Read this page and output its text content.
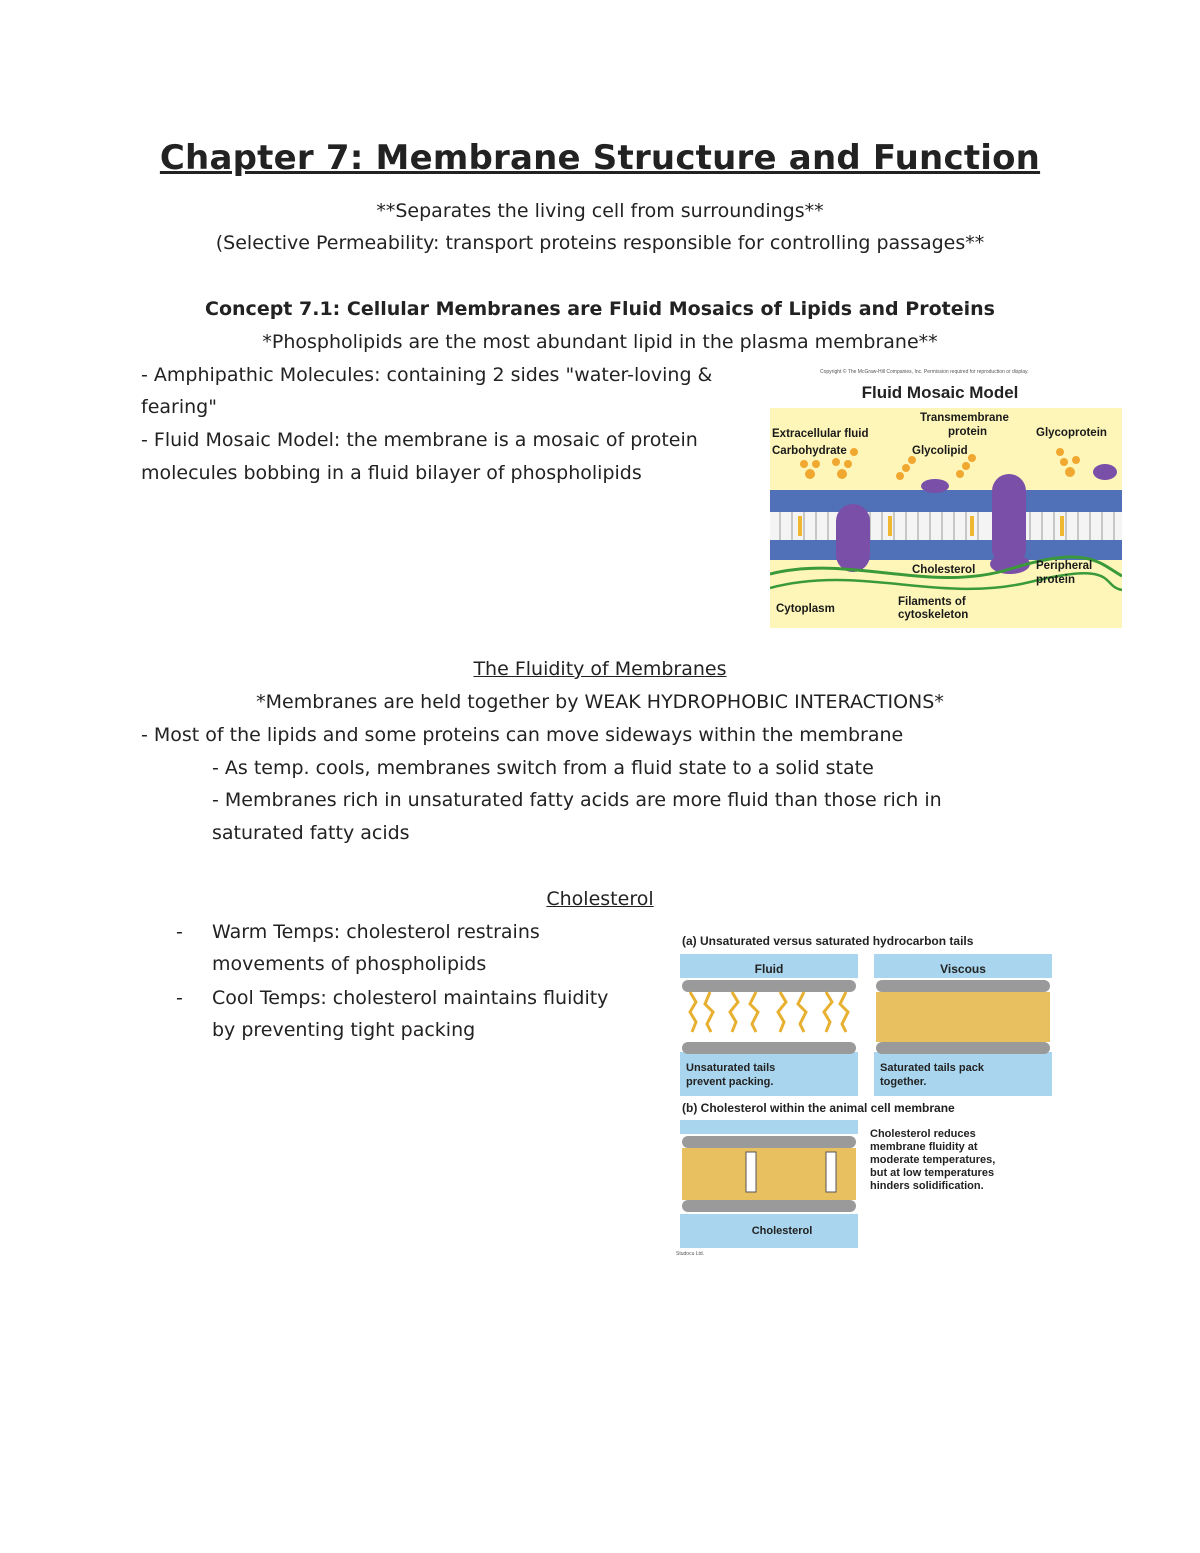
Chapter 7: Membrane Structure and Function
**Separates the living cell from surroundings**
(Selective Permeability: transport proteins responsible for controlling passages**
Concept 7.1: Cellular Membranes are Fluid Mosaics of Lipids and Proteins
*Phospholipids are the most abundant lipid in the plasma membrane**
- Amphipathic Molecules: containing 2 sides "water-loving &
fearing"
- Fluid Mosaic Model: the membrane is a mosaic of protein
molecules bobbing in a fluid bilayer of phospholipids
Copyright © The McGraw-Hill Companies, Inc. Permission required for reproduction or display.
Fluid Mosaic Model
Extracellular fluid
Carbohydrate
Transmembrane
protein
Glycolipid
Glycoprotein
Cholesterol	Peripheral
protein
Filaments of
cytoskeleton
Cytoplasm
The Fluidity of Membranes
*Membranes are held together by WEAK HYDROPHOBIC INTERACTIONS*
- Most of the lipids and some proteins can move sideways within the membrane
- As temp. cools, membranes switch from a fluid state to a solid state
- Membranes rich in unsaturated fatty acids are more fluid than those rich in
saturated fatty acids
Cholesterol
- Warm Temps: cholesterol restrains
movements of phospholipids
- Cool Temps: cholesterol maintains fluidity
by preventing tight packing
(a) Unsaturated versus saturated hydrocarbon tails
Fluid
Unsaturated tails
prevent packing.
Viscous
Saturated tails pack
together.
(b) Cholesterol within the animal cell membrane
Cholesterol
Cholesterol reduces
membrane fluidity at
moderate temperatures,
but at low temperatures
hinders solidification.
Studocu Ltd.
